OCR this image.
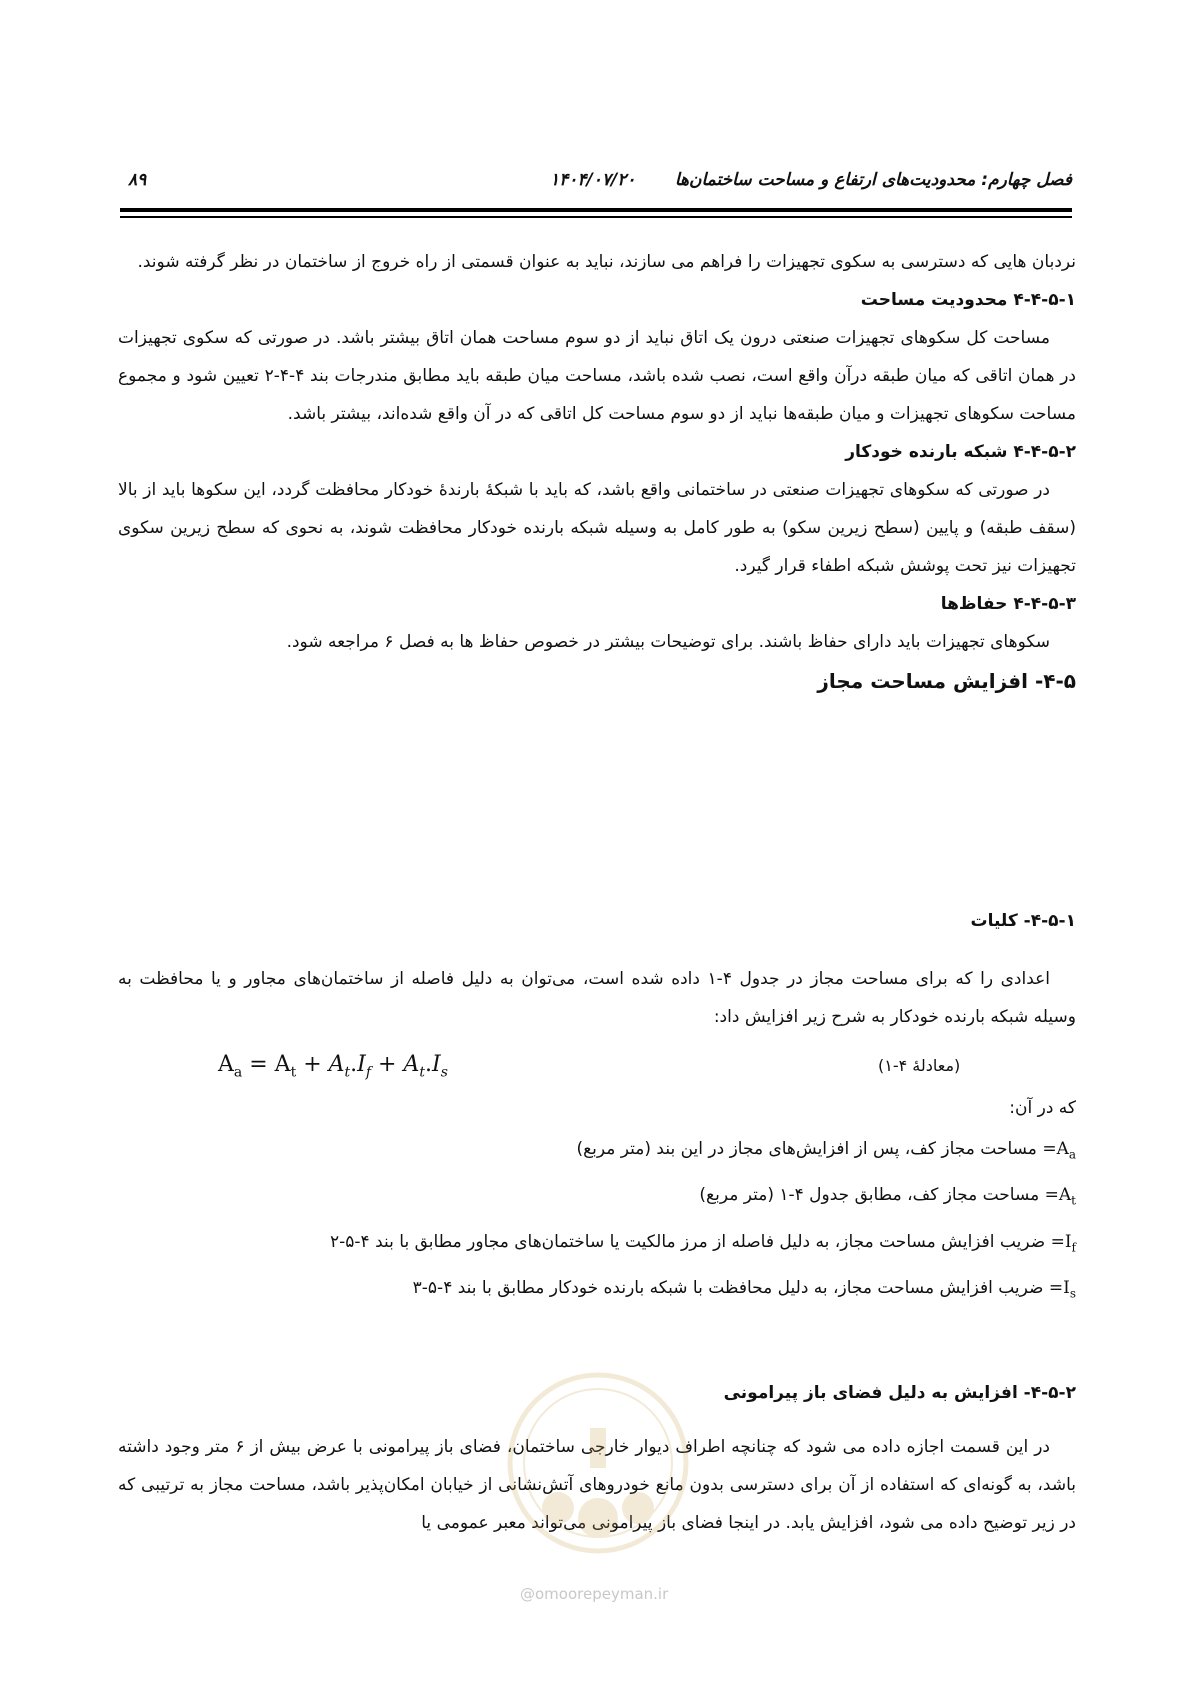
فصل چهارم: محدودیت‌های ارتفاع و مساحت ساختمان‌ها
۱۴۰۴/۰۷/۲۰
۸۹

نردبان هایی که دسترسی به سکوی تجهیزات را فراهم می سازند، نباید به عنوان قسمتی از راه خروج از ساختمان در نظر گرفته شوند.

۴-۴-۵-۱ محدودیت مساحت

مساحت کل سکوهای تجهیزات صنعتی درون یک اتاق نباید از دو سوم مساحت همان اتاق بیشتر باشد. در صورتی که سکوی تجهیزات در همان اتاقی که میان طبقه درآن واقع است، نصب شده باشد، مساحت میان طبقه باید مطابق مندرجات بند ۴-۴-۲ تعیین شود و مجموع مساحت سکوهای تجهیزات و میان طبقه‌ها نباید از دو سوم مساحت کل اتاقی که در آن واقع شده‌اند، بیشتر باشد.

۴-۴-۵-۲ شبکه بارنده خودکار

در صورتی که سکوهای تجهیزات صنعتی در ساختمانی واقع باشد، که باید با شبکۀ بارندۀ خودکار محافظت گردد، این سکوها باید از بالا (سقف طبقه) و پایین (سطح زیرین سکو) به طور کامل به وسیله شبکه بارنده خودکار محافظت شوند، به نحوی که سطح زیرین سکوی تجهیزات نیز تحت پوشش شبکه اطفاء قرار گیرد.

۴-۴-۵-۳ حفاظ‌ها

سکوهای تجهیزات باید دارای حفاظ باشند. برای توضیحات بیشتر در خصوص حفاظ ها به فصل ۶ مراجعه شود.

۴-۵- افزایش مساحت مجاز

۴-۵-۱- کلیات

اعدادی را که برای مساحت مجاز در جدول ۴-۱ داده شده است، می‌توان به دلیل فاصله از ساختمان‌های مجاور و یا محافظت به وسیله شبکه بارنده خودکار به شرح زیر افزایش داد:

$A_a = A_t + A_t.I_f + A_t.I_s$	(معادلۀ ۴-۱)

که در آن:

$A_a=$ مساحت مجاز کف، پس از افزایش‌های مجاز در این بند (متر مربع)

$A_t=$ مساحت مجاز کف، مطابق جدول ۴-۱ (متر مربع)

$I_f=$ ضریب افزایش مساحت مجاز، به دلیل فاصله از مرز مالکیت یا ساختمان‌های مجاور مطابق با بند ۴-۵-۲

$I_s=$ ضریب افزایش مساحت مجاز، به دلیل محافظت با شبکه بارنده خودکار مطابق با بند ۴-۵-۳

۴-۵-۲- افزایش به دلیل فضای باز پیرامونی

در این قسمت اجازه داده می شود که چنانچه اطراف دیوار خارجی ساختمان، فضای باز پیرامونی با عرض بیش از ۶ متر وجود داشته باشد، به گونه‌ای که استفاده از آن برای دسترسی بدون مانع خودروهای آتش‌نشانی از خیابان امکان‌پذیر باشد، مساحت مجاز به ترتیبی که در زیر توضیح داده می شود، افزایش یابد. در اینجا فضای باز پیرامونی می‌تواند معبر عمومی یا

@omoorepeyman.ir
